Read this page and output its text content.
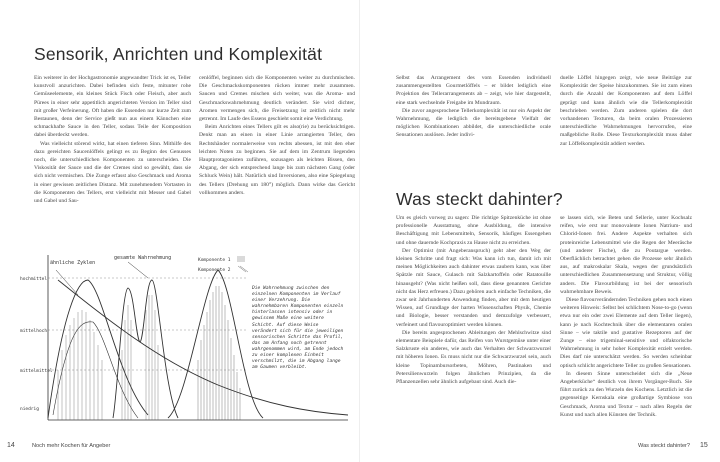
Sensorik, Anrichten und Komplexität

Ein weiterer in der Hochgastronomie angewandter Trick ist es, Teller kunstvoll anzurichten. Dabei befinden sich feste, mitunter rohe Gemüseelemente, ein kleines Stück Fisch oder Fleisch, aber auch Pürees in einer sehr appetitlich angerichteten Version im Teller sind mit großer Verfeinerung. Oft haben die Essenden nur kurze Zeit zum Bestaunen, denn der Service gießt nun aus einem Kännchen eine schmackhafte Sauce in den Teller, sodass Teile der Komposition dabei überdeckt werden.

Was vielleicht störend wirkt, hat einen tieferen Sinn. Mithilfe des dazu gereichten Saucenlöffels gelingt es zu Beginn des Genusses noch, die unterschiedlichen Komponenten zu unterscheiden. Die Viskosität der Sauce und die der Cremes sind so gewählt, dass sie sich nicht vermischen. Die Zunge erfasst also Geschmack und Aroma in einer gewissen zeitlichen Distanz. Mit zunehmendem Vortasten in die Komponenten des Tellers, erst vielleicht mit Messer und Gabel und Gabel und Sau-

cenlöffel, beginnen sich die Komponenten weiter zu durchmischen. Die Geschmackskomponenten rücken immer mehr zusammen. Saucen und Cremes mischen sich weiter, was die Aroma- und Geschmackswahrnehmung deutlich verändert. Sie wird dichter, Aromen vermengen sich, die Freisetzung ist zeitlich nicht mehr getrennt. Im Laufe des Essens geschieht somit eine Verdichtung.

Beim Anrichten eines Tellers gilt es also(rie) zu berücksichtigen. Denkt man an einen in einer Linie arrangierten Teller, den Rechtshänder normalerweise von rechts abessen, ist mit den eher leichten Noten zu beginnen. Sie auf dem im Zentrum liegenden Hauptprotagonisten zuführen, sozusagen als leichten Bissen, den Abgang, der sich entsprechend lange bis zum nächsten Gang (oder Schluck Wein) hält. Natürlich sind Inversionen, also eine Spiegelung des Tellers (Drehung um 180°) möglich. Dann wirke das Gericht vollkommen anders.

ähnliche Zyklen
gesamte Wahrnehmung	Komponente 1
Komponente 2
hochmittel
mittelhoch
mittelmittel
niedrig
Die Wahrnehmung zwischen den einzelnen Komponenten im Verlauf einer Verzehrung. Die wahrnehmbaren Komponenten einzeln hinterlassen intensiv oder in gewissem Maße eine weitere Schicht. Auf diese Weise verändert sich für die jeweiligen sensorischen Schritte das Profil, das am Anfang noch getrennt wahrgenommen wird, am Ende jedoch zu einer komplexen Einheit verschmilzt, die im Abgang lange am Gaumen verbleibt.
14	Noch mehr Kochen für Angeber

Selbst das Arrangement des vom Essenden individuell zusammengestellten Gourmetlöffels – er bildet lediglich eine Projektion des Tellerarrangements ab – zeigt, wie hier dargestellt, eine stark wechselnde Freigabe im Mundraum.

Die zuvor angesprochene Tellerkomplexität ist nur ein Aspekt der Wahrnehmung, die lediglich die bereitsgebene Vielfalt der möglichen Kombinationen abbildet, die unterschiedliche orale Sensationen auslösen. Jeder indivi-

duelle Löffel hingegen zeigt, wie neue Beiträge zur Komplexität der Speise hinzukommen. Sie ist zum einen durch die Anzahl der Komponenten auf dem Löffel geprägt und kann ähnlich wie die Tellerkomplexität beschrieben werden. Zum anderen spielen die dort vorhandenen Texturen, da beim oralen Prozessieren unterschiedliche Wahrnehmungen hervorrufen, eine maßgebliche Rolle. Diese Texturkomplexität muss daher zur Löffelkomplexität addiert werden.

Was steckt dahinter?

Um es gleich vorweg zu sagen: Die richtige Spitzenküche ist ohne professionelle Ausstattung, ohne Ausbildung, die intensive Beschäftigung mit Lebensmitteln, Sensorik, häufiges Essengehen und ohne dauernde Kochpraxis zu Hause nicht zu erreichen.

Der Optimist (mit Angeberanspruch) geht aber den Weg der kleinen Schritte und fragt sich: Was kann ich tun, damit ich mit meinen Möglichkeiten auch dahinter etwas zaubern kann, was über Spätzle mit Sauce, Gulasch mit Salzkartoffeln oder Ratatouille hinausgeht? (Was nicht heißen soll, dass diese genannten Gerichte nicht das Herz erfreuen.) Dazu gehören auch einfache Techniken, die zwar seit Jahrhunderten Anwendung finden, aber mit dem heutigen Wissen, auf Grundlage der harten Wissenschaften Physik, Chemie und Biologie, besser verstanden und demzufolge verbessert, verfeinert und flavouroptimiert werden können.

Die bereits angesprochenen Ableitungen der Mehlschwitze sind elementare Beispiele dafür, das Reifen von Wurstgemüse unter einer Salzkruste ein anderes, wie auch das Verhalten der Schwarzwurzel mit höheren Ionen. Es muss nicht nur die Schwarzwurzel sein, auch kleine Topinambursorbeten, Möhren, Pastinaken und Petersilienwurzeln folgen ähnlichen Prinzipien, da die Pflanzenzellen sehr ähnlich aufgebaut sind. Auch die-

se lassen sich, wie Beten und Sellerie, unter Kochsalz reifen, wie erst nur monovalente Ionen Natrium- und Chlorid-Ionen frei. Andere Aspekte verhalten sich proteinreiche Lebensmittel wie die Regen der Meeräsche (und anderer Fische), die zu Poutargue werden. Oberflächlich betrachtet gehen die Prozesse sehr ähnlich aus, auf makroskalar Skala, wegen der grundsätzlich unterschiedlichen Zusammensetzung und Struktur, völlig anders. Die Flavourbildung ist bei der sensorisch wahrnehmbare Beweis.

Diese flavourverändernden Techniken gehen noch einen weiteren Hinweis: Selbst bei schlichtem Nose-to-go (wenn etwa nur ein oder zwei Elemente auf dem Teller liegen), kann je nach Kochtechnik über die elementaren oralen Sinne – wie taktile und gustative Rezeptoren auf der Zunge – eine trigeminal-sensitive und olfaktorische Wahrnehmung in sehr hoher Komplexität erzielt werden. Dies darf nie unterschätzt werden. So werden scheinbar optisch schlicht angerichtete Teller zu großen Sensationen.

In diesem Sinne unterscheidet sich die „Neue Angeberküche“ deutlich von ihrem Vorgänger-Buch. Sie führt zurück zu den Wurzeln des Kochens. Letztlich ist die gegenseitige Kernskala eine großartige Symbiose von Geschmack, Aroma und Textur – nach allen Regeln der Kunst und nach allen Künsten der Technik.

Was steckt dahinter? 15
